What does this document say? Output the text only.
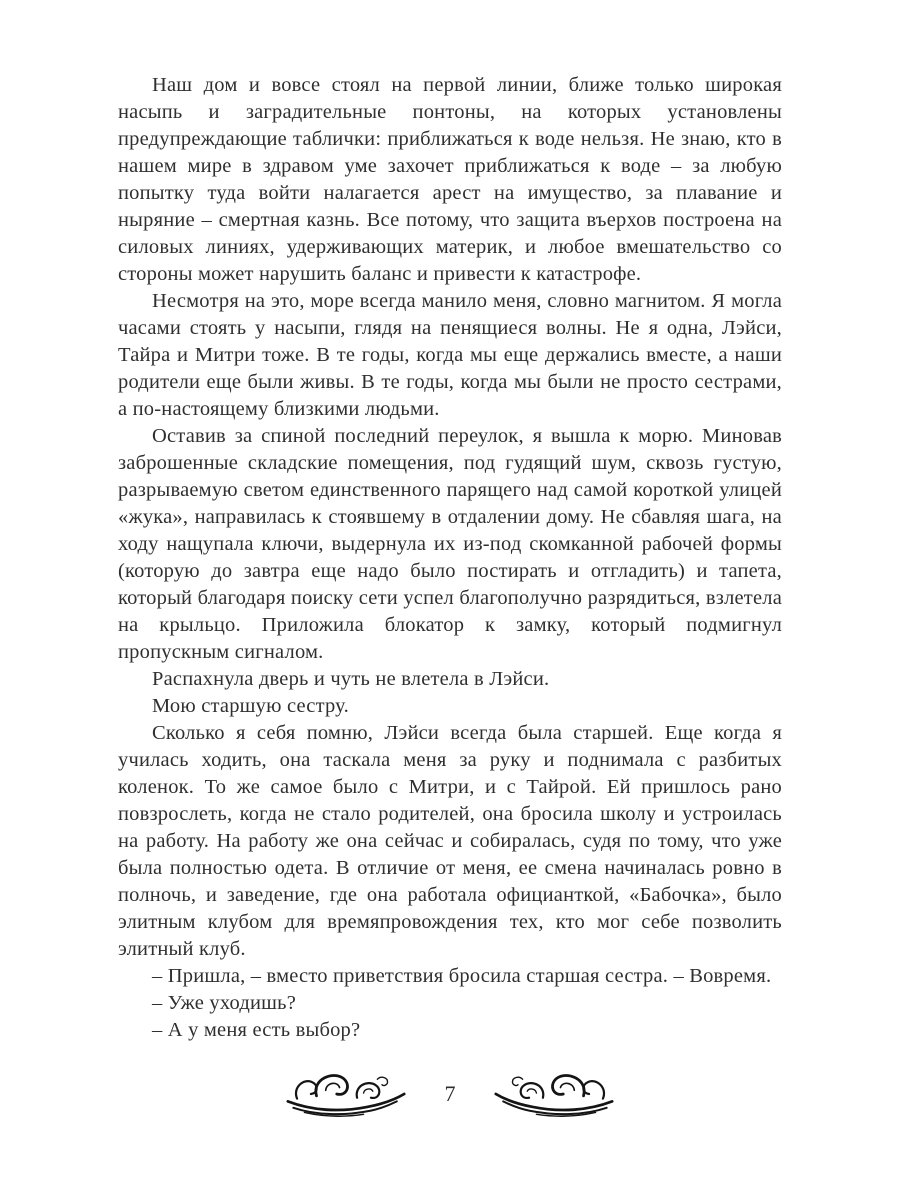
Наш дом и вовсе стоял на первой линии, ближе только широкая насыпь и заградительные понтоны, на которых установлены предупреждающие таблички: приближаться к воде нельзя. Не знаю, кто в нашем мире в здравом уме захочет приближаться к воде – за любую попытку туда войти налагается арест на имущество, за плавание и ныряние – смертная казнь. Все потому, что защита въерхов построена на силовых линиях, удерживающих материк, и любое вмешательство со стороны может нарушить баланс и привести к катастрофе.

Несмотря на это, море всегда манило меня, словно магнитом. Я могла часами стоять у насыпи, глядя на пенящиеся волны. Не я одна, Лэйси, Тайра и Митри тоже. В те годы, когда мы еще держались вместе, а наши родители еще были живы. В те годы, когда мы были не просто сестрами, а по-настоящему близкими людьми.

Оставив за спиной последний переулок, я вышла к морю. Миновав заброшенные складские помещения, под гудящий шум, сквозь густую, разрываемую светом единственного парящего над самой короткой улицей «жука», направилась к стоявшему в отдалении дому. Не сбавляя шага, на ходу нащупала ключи, выдернула их из-под скомканной рабочей формы (которую до завтра еще надо было постирать и отгладить) и тапета, который благодаря поиску сети успел благополучно разрядиться, взлетела на крыльцо. Приложила блокатор к замку, который подмигнул пропускным сигналом.

Распахнула дверь и чуть не влетела в Лэйси.

Мою старшую сестру.

Сколько я себя помню, Лэйси всегда была старшей. Еще когда я училась ходить, она таскала меня за руку и поднимала с разбитых коленок. То же самое было с Митри, и с Тайрой. Ей пришлось рано повзрослеть, когда не стало родителей, она бросила школу и устроилась на работу. На работу же она сейчас и собиралась, судя по тому, что уже была полностью одета. В отличие от меня, ее смена начиналась ровно в полночь, и заведение, где она работала официанткой, «Бабочка», было элитным клубом для времяпровождения тех, кто мог себе позволить элитный клуб.

– Пришла, – вместо приветствия бросила старшая сестра. – Вовремя.

– Уже уходишь?

– А у меня есть выбор?

7
